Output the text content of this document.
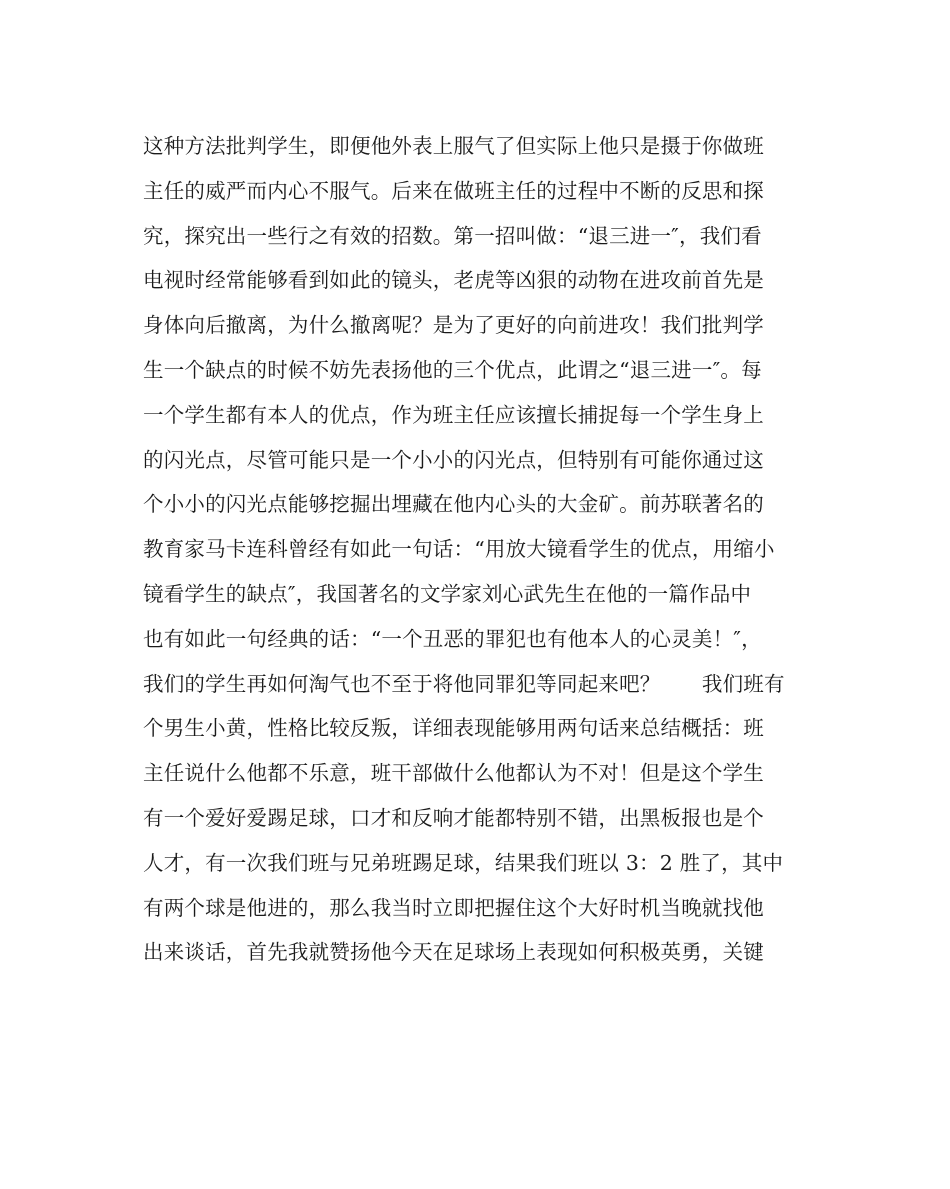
这种方法批判学生，即便他外表上服气了但实际上他只是摄于你做班
主任的威严而内心不服气。后来在做班主任的过程中不断的反思和探
究，探究出一些行之有效的招数。第一招叫做：“退三进一″，我们看
电视时经常能够看到如此的镜头，老虎等凶狠的动物在进攻前首先是
身体向后撤离，为什么撤离呢？是为了更好的向前进攻！我们批判学
生一个缺点的时候不妨先表扬他的三个优点，此谓之“退三进一″。每
一个学生都有本人的优点，作为班主任应该擅长捕捉每一个学生身上
的闪光点，尽管可能只是一个小小的闪光点，但特别有可能你通过这
个小小的闪光点能够挖掘出埋藏在他内心头的大金矿。前苏联著名的
教育家马卡连科曾经有如此一句话：“用放大镜看学生的优点，用缩小
镜看学生的缺点″，我国著名的文学家刘心武先生在他的一篇作品中
也有如此一句经典的话：“一个丑恶的罪犯也有他本人的心灵美！″，
我们的学生再如何淘气也不至于将他同罪犯等同起来吧？　　我们班有
个男生小黄，性格比较反叛，详细表现能够用两句话来总结概括：班
主任说什么他都不乐意，班干部做什么他都认为不对！但是这个学生
有一个爱好爱踢足球，口才和反响才能都特别不错，出黑板报也是个
人才，有一次我们班与兄弟班踢足球，结果我们班以 3：2 胜了，其中
有两个球是他进的，那么我当时立即把握住这个大好时机当晚就找他
出来谈话，首先我就赞扬他今天在足球场上表现如何积极英勇，关键
